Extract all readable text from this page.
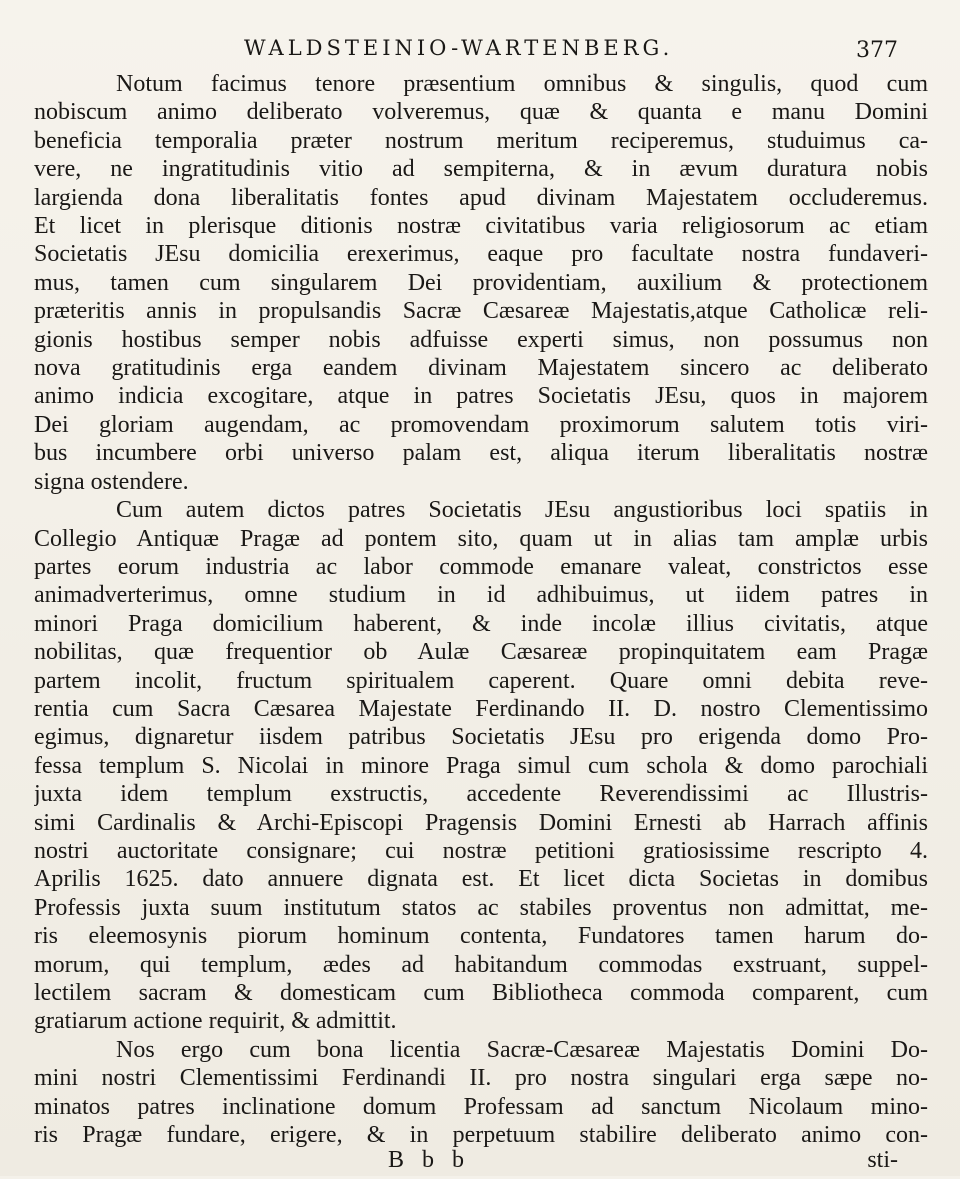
WALDSTEINIO-WARTENBERG.	377
Notum facimus tenore præsentium omnibus & singulis, quod cum
nobiscum animo deliberato volveremus, quæ & quanta e manu Domini
beneficia temporalia præter nostrum meritum reciperemus, studuimus ca-
vere, ne ingratitudinis vitio ad sempiterna, & in ævum duratura nobis
largienda dona liberalitatis fontes apud divinam Majestatem occluderemus.
Et licet in plerisque ditionis nostræ civitatibus varia religiosorum ac etiam
Societatis JEsu domicilia erexerimus, eaque pro facultate nostra fundaveri-
mus, tamen cum singularem Dei providentiam, auxilium & protectionem
præteritis annis in propulsandis Sacræ Cæsareæ Majestatis,atque Catholicæ reli-
gionis hostibus semper nobis adfuisse experti simus, non possumus non
nova gratitudinis erga eandem divinam Majestatem sincero ac deliberato
animo indicia excogitare, atque in patres Societatis JEsu, quos in majorem
Dei gloriam augendam, ac promovendam proximorum salutem totis viri-
bus incumbere orbi universo palam est, aliqua iterum liberalitatis nostræ
signa ostendere.
Cum autem dictos patres Societatis JEsu angustioribus loci spatiis in
Collegio Antiquæ Pragæ ad pontem sito, quam ut in alias tam amplæ urbis
partes eorum industria ac labor commode emanare valeat, constrictos esse
animadverterimus, omne studium in id adhibuimus, ut iidem patres in
minori Praga domicilium haberent, & inde incolæ illius civitatis, atque
nobilitas, quæ frequentior ob Aulæ Cæsareæ propinquitatem eam Pragæ
partem incolit, fructum spiritualem caperent. Quare omni debita reve-
rentia cum Sacra Cæsarea Majestate Ferdinando II. D. nostro Clementissimo
egimus, dignaretur iisdem patribus Societatis JEsu pro erigenda domo Pro-
fessa templum S. Nicolai in minore Praga simul cum schola & domo parochiali
juxta idem templum exstructis, accedente Reverendissimi ac Illustris-
simi Cardinalis & Archi-Episcopi Pragensis Domini Ernesti ab Harrach affinis
nostri auctoritate consignare; cui nostræ petitioni gratiosissime rescripto 4.
Aprilis 1625. dato annuere dignata est. Et licet dicta Societas in domibus
Professis juxta suum institutum statos ac stabiles proventus non admittat, me-
ris eleemosynis piorum hominum contenta, Fundatores tamen harum do-
morum, qui templum, ædes ad habitandum commodas exstruant, suppel-
lectilem sacram & domesticam cum Bibliotheca commoda comparent, cum
gratiarum actione requirit, & admittit.
Nos ergo cum bona licentia Sacræ-Cæsareæ Majestatis Domini Do-
mini nostri Clementissimi Ferdinandi II. pro nostra singulari erga sæpe no-
minatos patres inclinatione domum Professam ad sanctum Nicolaum mino-
ris Pragæ fundare, erigere, & in perpetuum stabilire deliberato animo con-
B b b	sti-
